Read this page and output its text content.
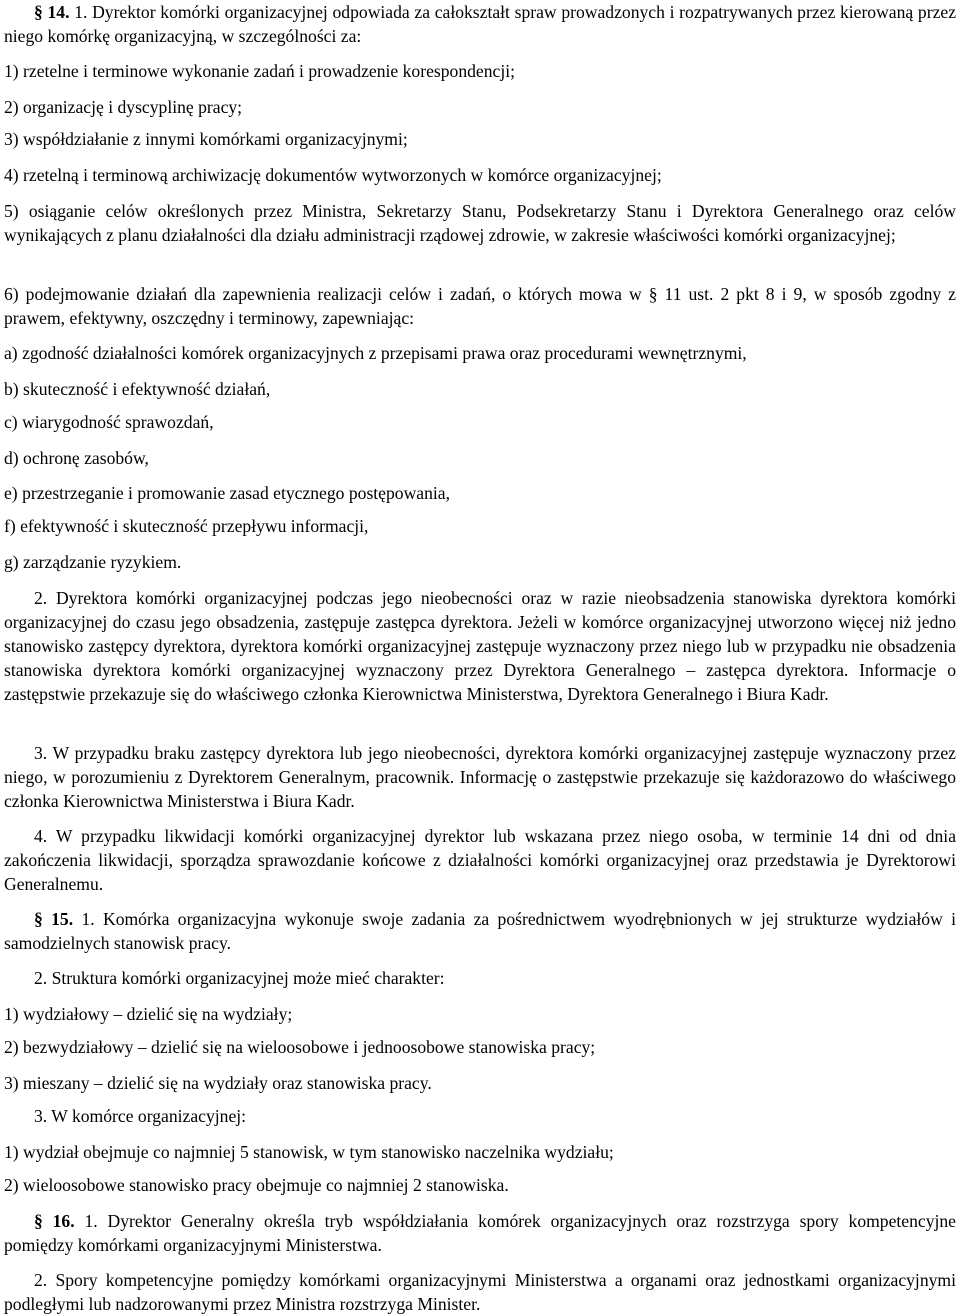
§ 14. 1. Dyrektor komórki organizacyjnej odpowiada za całokształt spraw prowadzonych i rozpatrywanych przez kierowaną przez niego komórkę organizacyjną, w szczególności za:

1) rzetelne i terminowe wykonanie zadań i prowadzenie korespondencji;

2) organizację i dyscyplinę pracy;

3) współdziałanie z innymi komórkami organizacyjnymi;

4) rzetelną i terminową archiwizację dokumentów wytworzonych w komórce organizacyjnej;

5) osiąganie celów określonych przez Ministra, Sekretarzy Stanu, Podsekretarzy Stanu i Dyrektora Generalnego oraz celów wynikających z planu działalności dla działu administracji rządowej zdrowie, w zakresie właściwości komórki organizacyjnej;

6) podejmowanie działań dla zapewnienia realizacji celów i zadań, o których mowa w § 11 ust. 2 pkt 8 i 9, w sposób zgodny z prawem, efektywny, oszczędny i terminowy, zapewniając:

a) zgodność działalności komórek organizacyjnych z przepisami prawa oraz procedurami wewnętrznymi,

b) skuteczność i efektywność działań,

c) wiarygodność sprawozdań,

d) ochronę zasobów,

e) przestrzeganie i promowanie zasad etycznego postępowania,

f) efektywność i skuteczność przepływu informacji,

g) zarządzanie ryzykiem.

2. Dyrektora komórki organizacyjnej podczas jego nieobecności oraz w razie nieobsadzenia stanowiska dyrektora komórki organizacyjnej do czasu jego obsadzenia, zastępuje zastępca dyrektora. Jeżeli w komórce organizacyjnej utworzono więcej niż jedno stanowisko zastępcy dyrektora, dyrektora komórki organizacyjnej zastępuje wyznaczony przez niego lub w przypadku nie obsadzenia stanowiska dyrektora komórki organizacyjnej wyznaczony przez Dyrektora Generalnego – zastępca dyrektora. Informacje o zastępstwie przekazuje się do właściwego członka Kierownictwa Ministerstwa, Dyrektora Generalnego i Biura Kadr.

3. W przypadku braku zastępcy dyrektora lub jego nieobecności, dyrektora komórki organizacyjnej zastępuje wyznaczony przez niego, w porozumieniu z Dyrektorem Generalnym, pracownik. Informację o zastępstwie przekazuje się każdorazowo do właściwego członka Kierownictwa Ministerstwa i Biura Kadr.

4. W przypadku likwidacji komórki organizacyjnej dyrektor lub wskazana przez niego osoba, w terminie 14 dni od dnia zakończenia likwidacji, sporządza sprawozdanie końcowe z działalności komórki organizacyjnej oraz przedstawia je Dyrektorowi Generalnemu.

§ 15. 1. Komórka organizacyjna wykonuje swoje zadania za pośrednictwem wyodrębnionych w jej strukturze wydziałów i samodzielnych stanowisk pracy.

2. Struktura komórki organizacyjnej może mieć charakter:

1) wydziałowy – dzielić się na wydziały;

2) bezwydziałowy – dzielić się na wieloosobowe i jednoosobowe stanowiska pracy;

3) mieszany – dzielić się na wydziały oraz stanowiska pracy.

3. W komórce organizacyjnej:

1) wydział obejmuje co najmniej 5 stanowisk, w tym stanowisko naczelnika wydziału;

2) wieloosobowe stanowisko pracy obejmuje co najmniej 2 stanowiska.

§ 16. 1. Dyrektor Generalny określa tryb współdziałania komórek organizacyjnych oraz rozstrzyga spory kompetencyjne pomiędzy komórkami organizacyjnymi Ministerstwa.

2. Spory kompetencyjne pomiędzy komórkami organizacyjnymi Ministerstwa a organami oraz jednostkami organizacyjnymi podległymi lub nadzorowanymi przez Ministra rozstrzyga Minister.
